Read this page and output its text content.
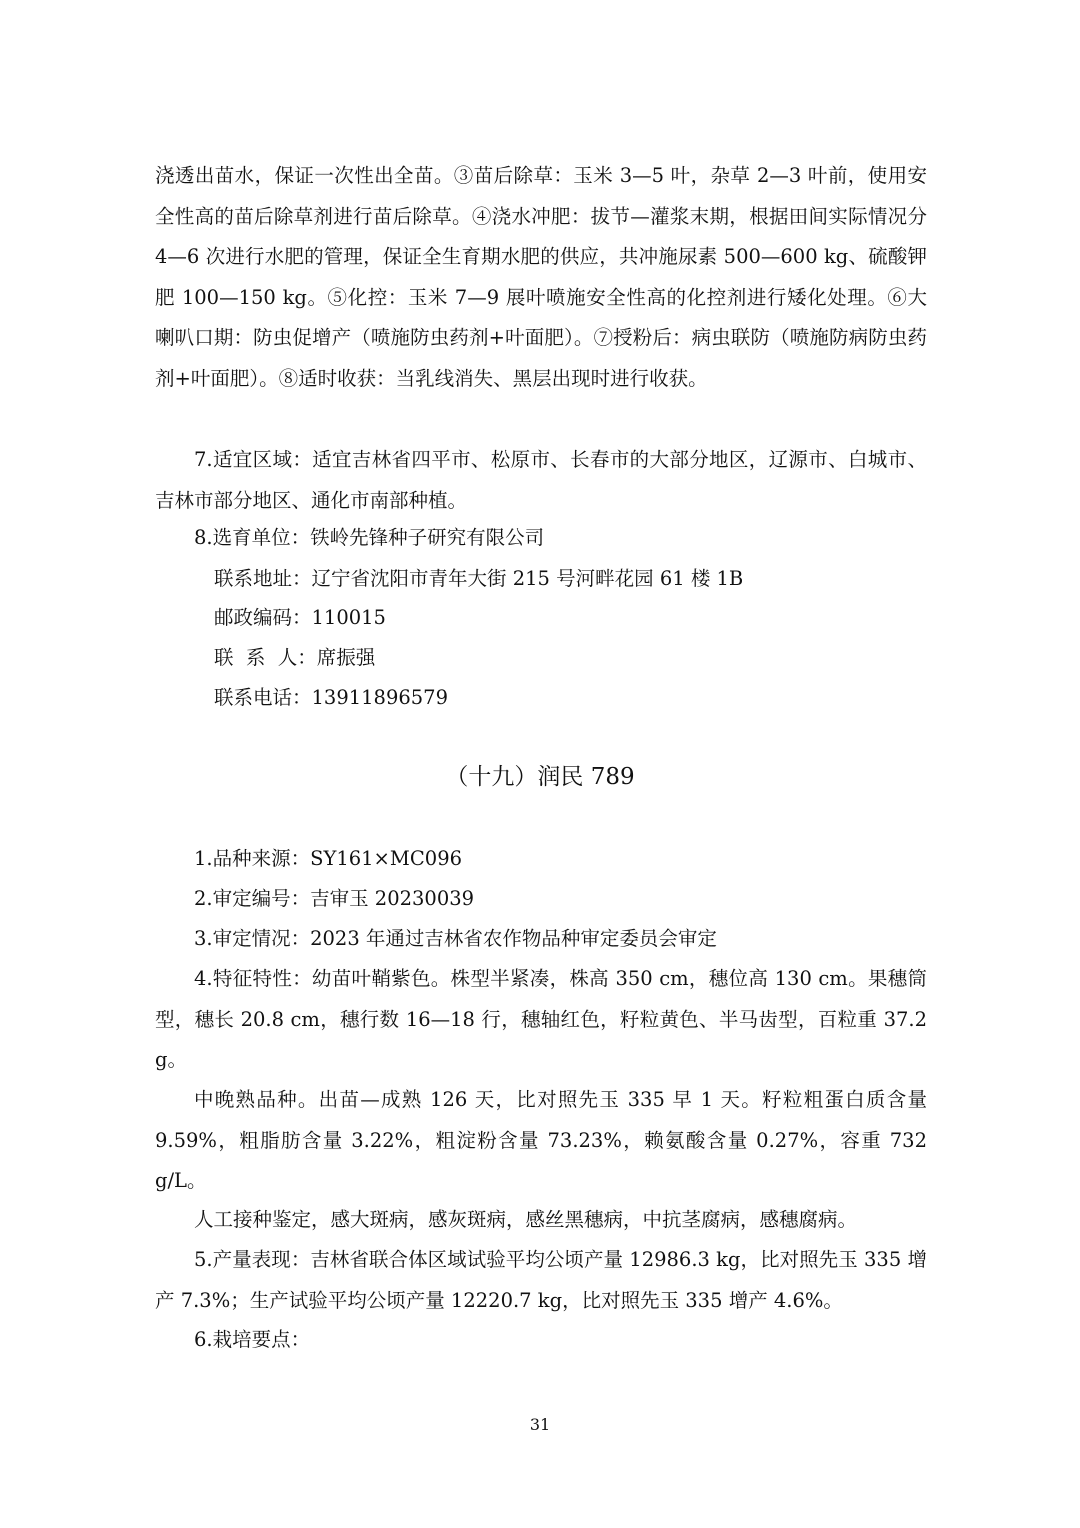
浇透出苗水，保证一次性出全苗。③苗后除草：玉米 3—5 叶，杂草 2—3 叶前，使用安全性高的苗后除草剂进行苗后除草。④浇水冲肥：拔节—灌浆末期，根据田间实际情况分 4—6 次进行水肥的管理，保证全生育期水肥的供应，共冲施尿素 500—600 kg、硫酸钾肥 100—150 kg。⑤化控：玉米 7—9 展叶喷施安全性高的化控剂进行矮化处理。⑥大喇叭口期：防虫促增产（喷施防虫药剂+叶面肥）。⑦授粉后：病虫联防（喷施防病防虫药剂+叶面肥）。⑧适时收获：当乳线消失、黑层出现时进行收获。

7.适宜区域：适宜吉林省四平市、松原市、长春市的大部分地区，辽源市、白城市、吉林市部分地区、通化市南部种植。

8.选育单位：铁岭先锋种子研究有限公司

联系地址：辽宁省沈阳市青年大街 215 号河畔花园 61 楼 1B

邮政编码：110015

联  系  人：席振强

联系电话：13911896579

（十九）润民 789

1.品种来源：SY161×MC096

2.审定编号：吉审玉 20230039

3.审定情况：2023 年通过吉林省农作物品种审定委员会审定

4.特征特性：幼苗叶鞘紫色。株型半紧凑，株高 350 cm，穗位高 130 cm。果穗筒型，穗长 20.8 cm，穗行数 16—18 行，穗轴红色，籽粒黄色、半马齿型，百粒重 37.2 g。

中晚熟品种。出苗—成熟 126 天，比对照先玉 335 早 1 天。籽粒粗蛋白质含量 9.59%，粗脂肪含量 3.22%，粗淀粉含量 73.23%，赖氨酸含量 0.27%，容重 732 g/L。

人工接种鉴定，感大斑病，感灰斑病，感丝黑穗病，中抗茎腐病，感穗腐病。

5.产量表现：吉林省联合体区域试验平均公顷产量 12986.3 kg，比对照先玉 335 增产 7.3%；生产试验平均公顷产量 12220.7 kg，比对照先玉 335 增产 4.6%。

6.栽培要点：

31
